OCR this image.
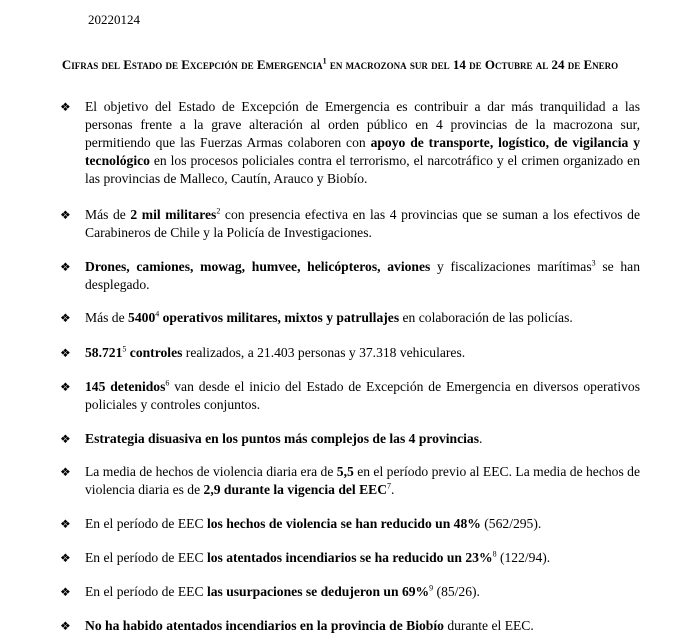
20220124
Cifras del Estado de Excepción de Emergencia$^1$ en macrozona sur del 14 de Octubre al 24 de Enero
❖	El objetivo del Estado de Excepción de Emergencia es contribuir a dar más tranquilidad a las personas frente a la grave alteración al orden público en 4 provincias de la macrozona sur, permitiendo que las Fuerzas Armas colaboren con apoyo de transporte, logístico, de vigilancia y tecnológico en los procesos policiales contra el terrorismo, el narcotráfico y el crimen organizado en las provincias de Malleco, Cautín, Arauco y Biobío.
❖	Más de 2 mil militares$^2$ con presencia efectiva en las 4 provincias que se suman a los efectivos de Carabineros de Chile y la Policía de Investigaciones.
❖	Drones, camiones, mowag, humvee, helicópteros, aviones y fiscalizaciones marítimas$^3$ se han desplegado.
❖	Más de 5400$^4$ operativos militares, mixtos y patrullajes en colaboración de las policías.
❖	58.721$^5$ controles realizados, a 21.403 personas y 37.318 vehiculares.
❖	145 detenidos$^6$ van desde el inicio del Estado de Excepción de Emergencia en diversos operativos policiales y controles conjuntos.
❖	Estrategia disuasiva en los puntos más complejos de las 4 provincias.
❖	La media de hechos de violencia diaria era de 5,5 en el período previo al EEC. La media de hechos de violencia diaria es de 2,9 durante la vigencia del EEC$^7$.
❖	En el período de EEC los hechos de violencia se han reducido un 48% (562/295).
❖	En el período de EEC los atentados incendiarios se ha reducido un 23%$^8$ (122/94).
❖	En el período de EEC las usurpaciones se dedujeron un 69%$^9$ (85/26).
❖	No ha habido atentados incendiarios en la provincia de Biobío durante el EEC.
